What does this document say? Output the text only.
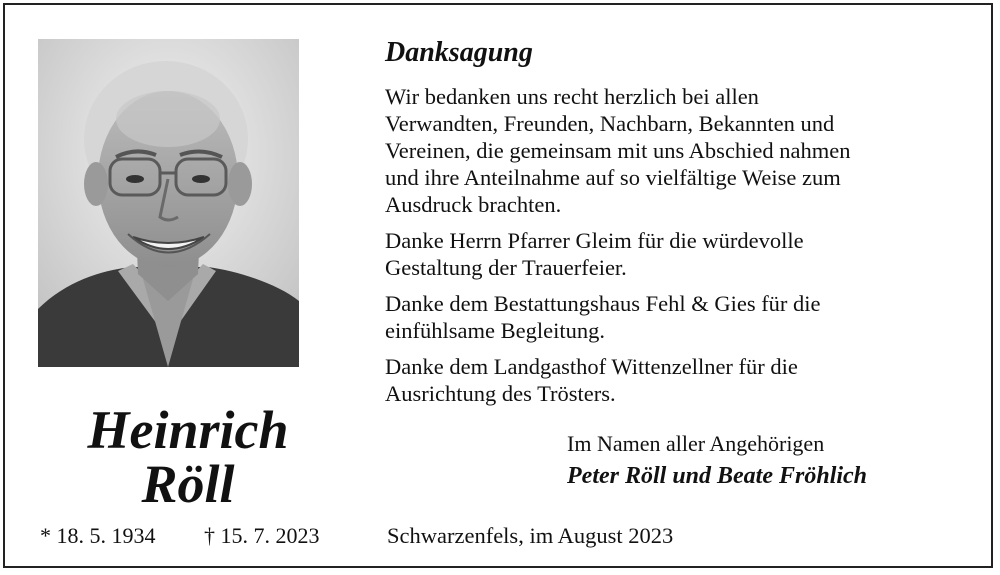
Heinrich
Röll
* 18. 5. 1934 † 15. 7. 2023
Danksagung
Wir bedanken uns recht herzlich bei allen
Verwandten, Freunden, Nachbarn, Bekannten und
Vereinen, die gemeinsam mit uns Abschied nahmen
und ihre Anteilnahme auf so vielfältige Weise zum
Ausdruck brachten.
Danke Herrn Pfarrer Gleim für die würdevolle
Gestaltung der Trauerfeier.
Danke dem Bestattungshaus Fehl & Gies für die
einfühlsame Begleitung.
Danke dem Landgasthof Wittenzellner für die
Ausrichtung des Trösters.
Im Namen aller Angehörigen
Peter Röll und Beate Fröhlich
Schwarzenfels, im August 2023
